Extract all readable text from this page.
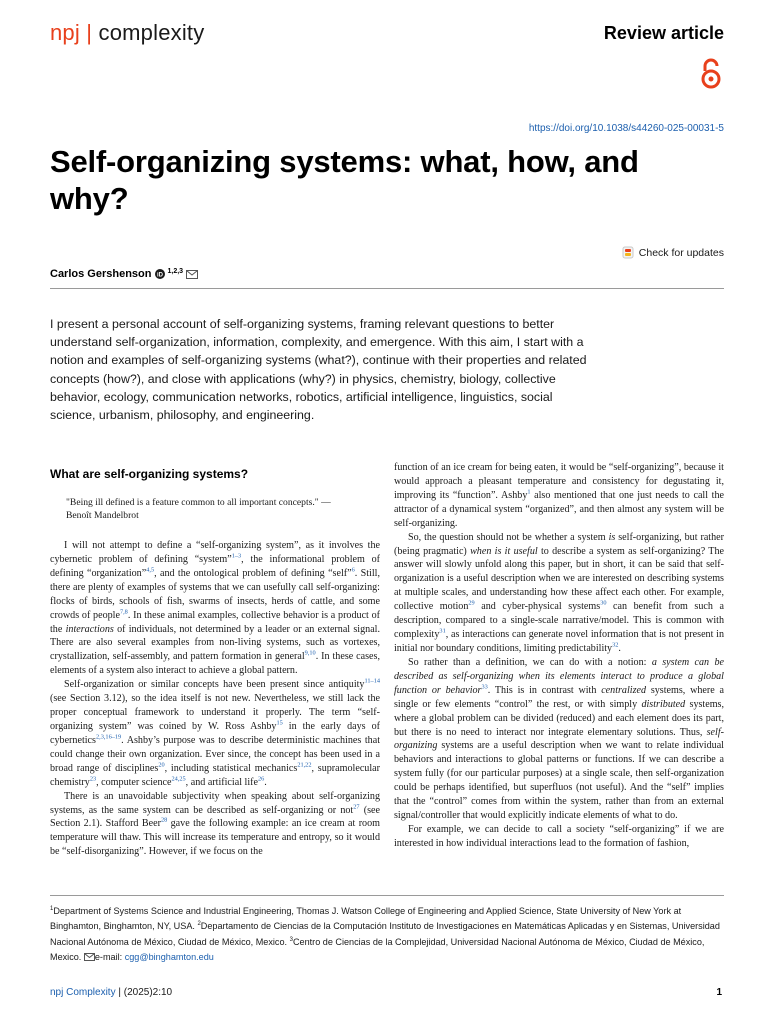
npj | complexity	Review article
https://doi.org/10.1038/s44260-025-00031-5
Self-organizing systems: what, how, and why?
Check for updates
Carlos Gershenson iD
$^{1,2,3}$
I present a personal account of self-organizing systems, framing relevant questions to better understand self-organization, information, complexity, and emergence. With this aim, I start with a notion and examples of self-organizing systems (what?), continue with their properties and related concepts (how?), and close with applications (why?) in physics, chemistry, biology, collective behavior, ecology, communication networks, robotics, artificial intelligence, linguistics, social science, urbanism, philosophy, and engineering.
What are self-organizing systems?
"Being ill defined is a feature common to all important concepts." —
Benoît Mandelbrot

I will not attempt to define a “self-organizing system”, as it involves the cybernetic problem of defining “system”$^{1-3}$, the informational problem of defining “organization”$^{4,5}$, and the ontological problem of defining “self”$^6$. Still, there are plenty of examples of systems that we can usefully call self-organizing: flocks of birds, schools of fish, swarms of insects, herds of cattle, and some crowds of people$^{7,8}$. In these animal examples, collective behavior is a product of the interactions of individuals, not determined by a leader or an external signal. There are also several examples from non-living systems, such as vortexes, crystallization, self-assembly, and pattern formation in general$^{9,10}$. In these cases, elements of a system also interact to achieve a global pattern.

Self-organization or similar concepts have been present since antiquity$^{11-14}$ (see Section 3.12), so the idea itself is not new. Nevertheless, we still lack the proper conceptual framework to understand it properly. The term “self-organizing system” was coined by W. Ross Ashby$^{15}$ in the early days of cybernetics$^{2,3,16-19}$. Ashby’s purpose was to describe deterministic machines that could change their own organization. Ever since, the concept has been used in a broad range of disciplines$^{20}$, including statistical mechanics$^{21,22}$, supramolecular chemistry$^{23}$, computer science$^{24,25}$, and artificial life$^{26}$.

There is an unavoidable subjectivity when speaking about self-organizing systems, as the same system can be described as self-organizing or not$^{27}$ (see Section 2.1). Stafford Beer$^{28}$ gave the following example: an ice cream at room temperature will thaw. This will increase its temperature and entropy, so it would be “self-disorganizing”. However, if we focus on the

function of an ice cream for being eaten, it would be “self-organizing”, because it would approach a pleasant temperature and consistency for degustating it, improving its “function”. Ashby$^1$ also mentioned that one just needs to call the attractor of a dynamical system “organized”, and then almost any system will be self-organizing.

So, the question should not be whether a system is self-organizing, but rather (being pragmatic) when is it useful to describe a system as self-organizing? The answer will slowly unfold along this paper, but in short, it can be said that self-organization is a useful description when we are interested on describing systems at multiple scales, and understanding how these affect each other. For example, collective motion$^{29}$ and cyber-physical systems$^{30}$ can benefit from such a description, compared to a single-scale narrative/model. This is common with complexity$^{31}$, as interactions can generate novel information that is not present in initial nor boundary conditions, limiting predictability$^{32}$.

So rather than a definition, we can do with a notion: a system can be described as self-organizing when its elements interact to produce a global function or behavior$^{33}$. This is in contrast with centralized systems, where a single or few elements “control” the rest, or with simply distributed systems, where a global problem can be divided (reduced) and each element does its part, but there is no need to interact nor integrate elementary solutions. Thus, self-organizing systems are a useful description when we want to relate individual behaviors and interactions to global patterns or functions. If we can describe a system fully (for our particular purposes) at a single scale, then self-organization could be perhaps identified, but superfluos (not useful). And the “self” implies that the “control” comes from within the system, rather than from an external signal/controller that would explicitly indicate elements of what to do.

For example, we can decide to call a society “self-organizing” if we are interested in how individual interactions lead to the formation of fashion,

$^1$Department of Systems Science and Industrial Engineering, Thomas J. Watson College of Engineering and Applied Science, State University of New York at Binghamton, Binghamton, NY, USA. $^2$Departamento de Ciencias de la Computación Instituto de Investigaciones en Matemáticas Aplicadas y en Sistemas, Universidad Nacional Autónoma de México, Ciudad de México, Mexico. $^3$Centro de Ciencias de la Complejidad, Universidad Nacional Autónoma de México, Ciudad de México, Mexico. e-mail: cgg@binghamton.edu
npj Complexity | (2025)2:10	1
